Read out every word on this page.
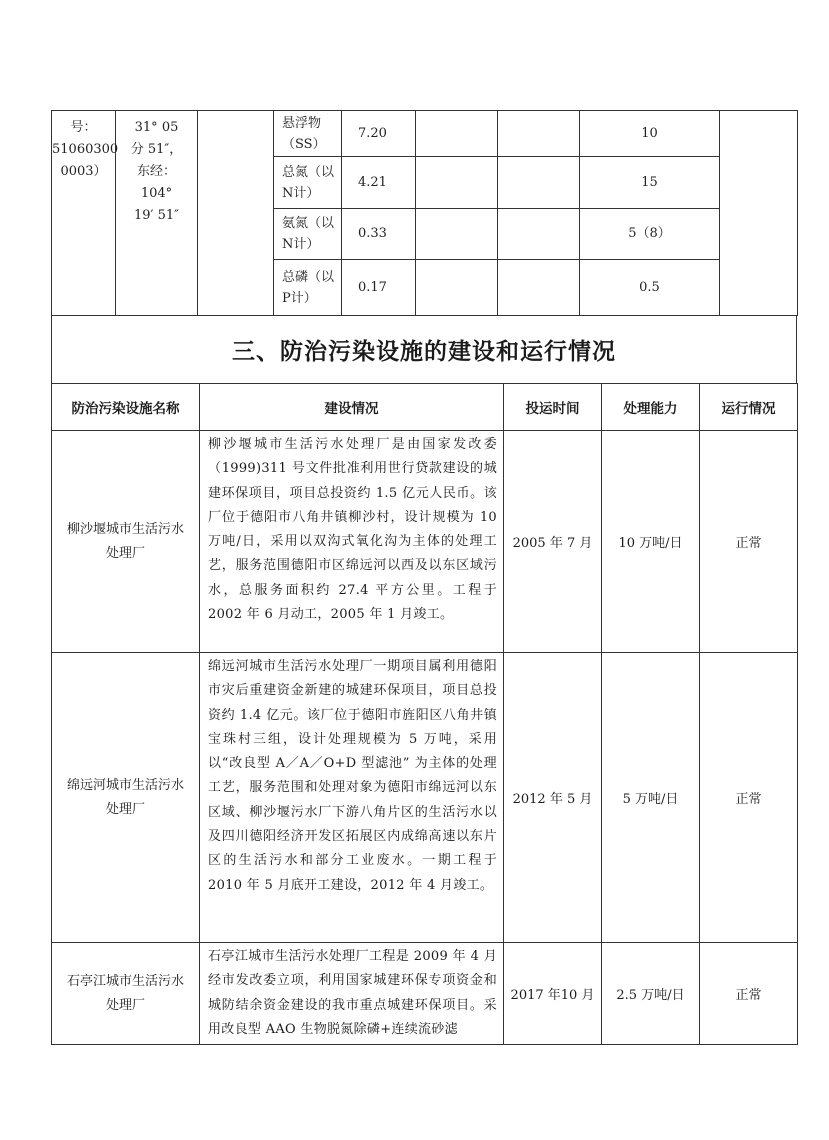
号：
51060300
0003）	31° 05
分 51″，
东经：
104°
19′ 51″		悬浮物
（SS）	7.20			10	

			总氮（以
N计）	4.21			15	

			氨氮（以
N计）	0.33			5（8）	

			总磷（以
P计）	0.17			0.5	
三、防治污染设施的建设和运行情况
防治污染设施名称	建设情况	投运时间	处理能力	运行情况
柳沙堰城市生活污水处理厂	柳沙堰城市生活污水处理厂是由国家发改委（1999)311 号文件批准利用世行贷款建设的城建环保项目，项目总投资约 1.5 亿元人民币。该厂位于德阳市八角井镇柳沙村，设计规模为 10 万吨/日，采用以双沟式氧化沟为主体的处理工艺，服务范围德阳市区绵远河以西及以东区域污水，总服务面积约 27.4 平方公里。工程于 2002 年 6 月动工，2005 年 1 月竣工。	2005 年 7 月	10 万吨/日	正常
绵远河城市生活污水处理厂	绵远河城市生活污水处理厂一期项目属利用德阳市灾后重建资金新建的城建环保项目，项目总投资约 1.4 亿元。该厂位于德阳市旌阳区八角井镇宝珠村三组，设计处理规模为 5 万吨，采用以“改良型 A／A／O+D 型滤池” 为主体的处理工艺，服务范围和处理对象为德阳市绵远河以东区域、柳沙堰污水厂下游八角片区的生活污水以及四川德阳经济开发区拓展区内成绵高速以东片区的生活污水和部分工业废水。一期工程于 2010 年 5 月底开工建设，2012 年 4 月竣工。	2012 年 5 月	5 万吨/日	正常
石亭江城市生活污水处理厂	石亭江城市生活污水处理厂工程是 2009 年 4 月经市发改委立项，利用国家城建环保专项资金和城防结余资金建设的我市重点城建环保项目。采用改良型 AAO 生物脱氮除磷+连续流砂滤	2017 年10 月	2.5 万吨/日	正常
